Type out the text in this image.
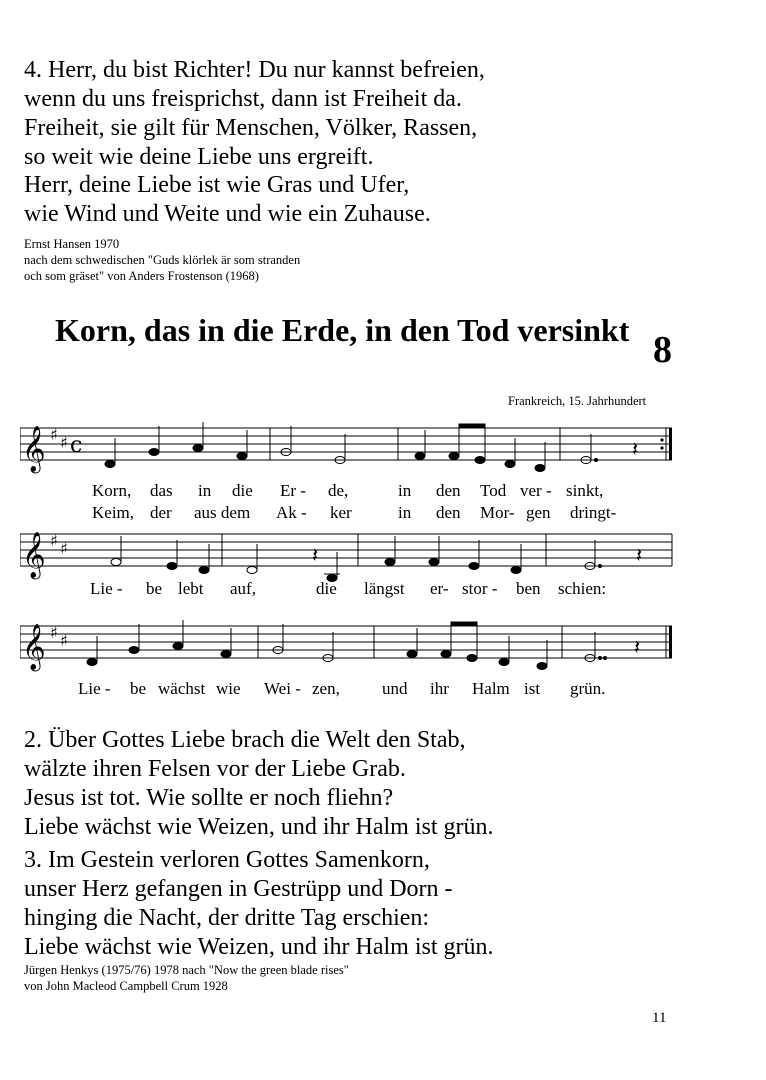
4. Herr, du bist Richter! Du nur kannst befreien,
wenn du uns freisprichst, dann ist Freiheit da.
Freiheit, sie gilt für Menschen, Völker, Rassen,
so weit wie deine Liebe uns ergreift.
Herr, deine Liebe ist wie Gras und Ufer,
wie Wind und Weite und wie ein Zuhause.
Ernst Hansen 1970
nach dem schwedischen "Guds klörlek är som stranden
och som gräset" von Anders Frostenson (1968)
Korn, das in die Erde, in den Tod versinkt 8
Frankreich, 15. Jahrhundert
𝄞 ♯ ♯ c	𝄽
Korn, das in die Er - de,	in den Tod ver - sinkt,
Keim, der aus dem Ak - ker	in den Mor- gen dringt-
𝄞 ♯ ♯	𝄽	𝄽
Lie - be lebt auf,	die längst er- stor - ben schien:
𝄞 ♯ ♯	𝄽
Lie - be wächst wie Wei - zen, und ihr Halm ist grün.
2. Über Gottes Liebe brach die Welt den Stab,
wälzte ihren Felsen vor der Liebe Grab.
Jesus ist tot. Wie sollte er noch fliehn?
Liebe wächst wie Weizen, und ihr Halm ist grün.
3. Im Gestein verloren Gottes Samenkorn,
unser Herz gefangen in Gestrüpp und Dorn -
hinging die Nacht, der dritte Tag erschien:
Liebe wächst wie Weizen, und ihr Halm ist grün.
Jürgen Henkys (1975/76) 1978 nach "Now the green blade rises"
von John Macleod Campbell Crum 1928
11
